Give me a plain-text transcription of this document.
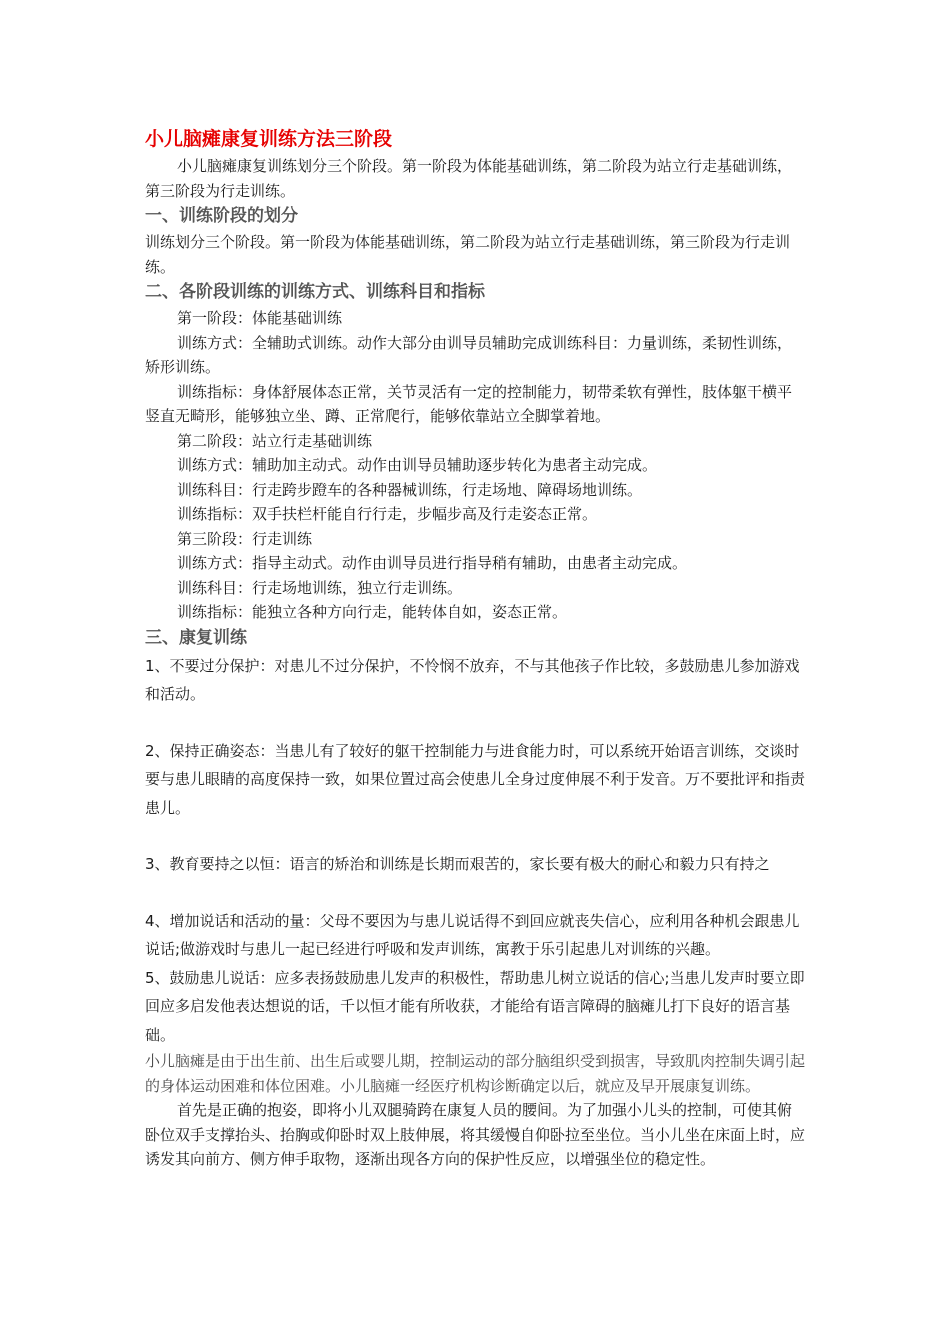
小儿脑瘫康复训练方法三阶段

小儿脑瘫康复训练划分三个阶段。第一阶段为体能基础训练，第二阶段为站立行走基础训练，第三阶段为行走训练。

一、训练阶段的划分

训练划分三个阶段。第一阶段为体能基础训练，第二阶段为站立行走基础训练，第三阶段为行走训练。

二、各阶段训练的训练方式、训练科目和指标

第一阶段：体能基础训练

训练方式：全辅助式训练。动作大部分由训导员辅助完成训练科目：力量训练，柔韧性训练，矫形训练。

训练指标：身体舒展体态正常，关节灵活有一定的控制能力，韧带柔软有弹性，肢体躯干横平竖直无畸形，能够独立坐、蹲、正常爬行，能够依靠站立全脚掌着地。

第二阶段：站立行走基础训练

训练方式：辅助加主动式。动作由训导员辅助逐步转化为患者主动完成。

训练科目：行走跨步蹬车的各种器械训练，行走场地、障碍场地训练。

训练指标：双手扶栏杆能自行行走，步幅步高及行走姿态正常。

第三阶段：行走训练

训练方式：指导主动式。动作由训导员进行指导稍有辅助，由患者主动完成。

训练科目：行走场地训练，独立行走训练。

训练指标：能独立各种方向行走，能转体自如，姿态正常。

三、康复训练

1、不要过分保护：对患儿不过分保护，不怜悯不放弃，不与其他孩子作比较，多鼓励患儿参加游戏和活动。

2、保持正确姿态：当患儿有了较好的躯干控制能力与进食能力时，可以系统开始语言训练，交谈时要与患儿眼睛的高度保持一致，如果位置过高会使患儿全身过度伸展不利于发音。万不要批评和指责患儿。

3、教育要持之以恒：语言的矫治和训练是长期而艰苦的，家长要有极大的耐心和毅力只有持之

4、增加说话和活动的量：父母不要因为与患儿说话得不到回应就丧失信心，应利用各种机会跟患儿说话;做游戏时与患儿一起已经进行呼吸和发声训练，寓教于乐引起患儿对训练的兴趣。

5、鼓励患儿说话：应多表扬鼓励患儿发声的积极性，帮助患儿树立说话的信心;当患儿发声时要立即回应多启发他表达想说的话，千以恒才能有所收获，才能给有语言障碍的脑瘫儿打下良好的语言基础。

小儿脑瘫是由于出生前、出生后或婴儿期，控制运动的部分脑组织受到损害，导致肌肉控制失调引起的身体运动困难和体位困难。小儿脑瘫一经医疗机构诊断确定以后，就应及早开展康复训练。

首先是正确的抱姿，即将小儿双腿骑跨在康复人员的腰间。为了加强小儿头的控制，可使其俯卧位双手支撑抬头、抬胸或仰卧时双上肢伸展，将其缓慢自仰卧拉至坐位。当小儿坐在床面上时，应诱发其向前方、侧方伸手取物，逐渐出现各方向的保护性反应，以增强坐位的稳定性。
